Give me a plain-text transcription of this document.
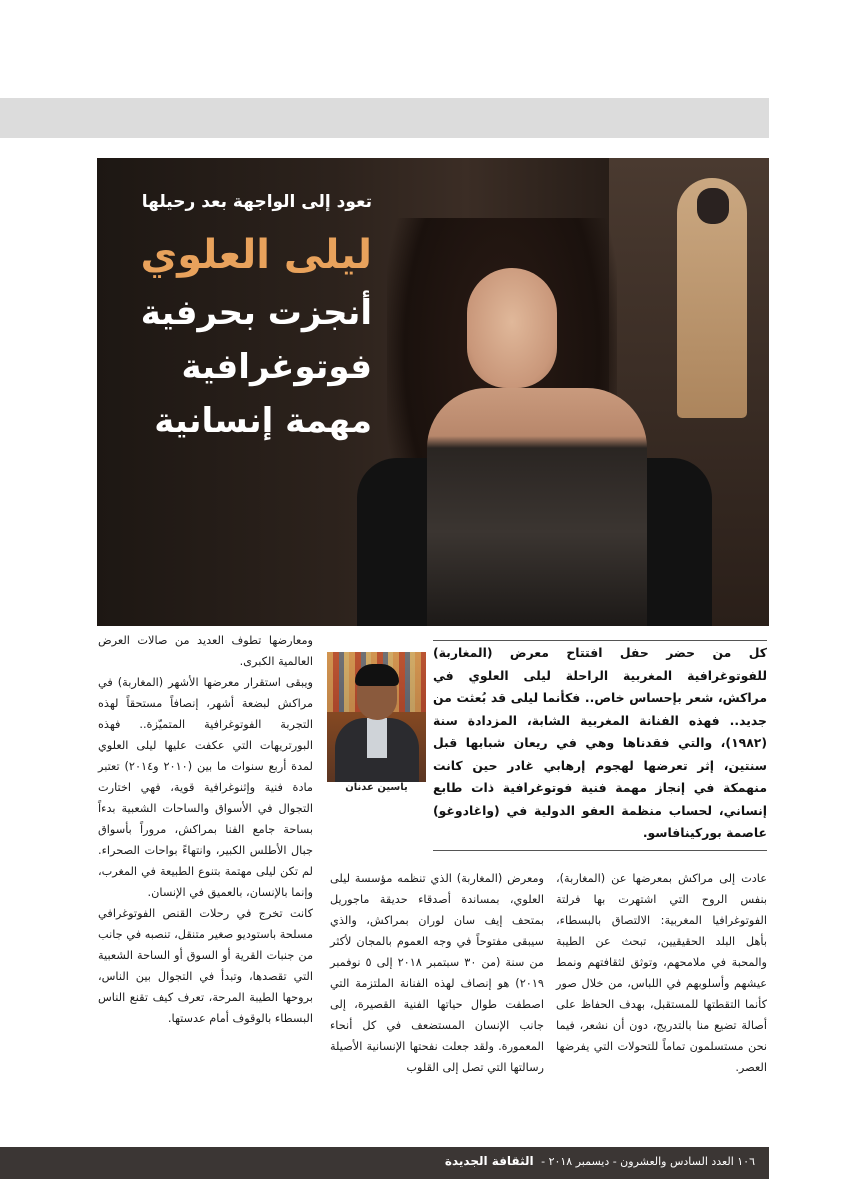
تعود إلى الواجهة بعد رحيلها
ليلى العلوي
أنجزت بحرفية
فوتوغرافية
مهمة إنسانية
كل من حضر حفل افتتاح معرض (المغاربة) للفوتوغرافية المغربية الراحلة ليلى العلوي في مراكش، شعر بإحساس خاص.. فكأنما ليلى قد بُعثت من جديد.. فهذه الفنانة المغربية الشابة، المزدادة سنة (١٩٨٢)، والتي فقدناها وهي في ريعان شبابها قبل سنتين، إثر تعرضها لهجوم إرهابي غادر حين كانت منهمكة في إنجاز مهمة فنية فوتوغرافية ذات طابع إنساني، لحساب منظمة العفو الدولية في (واغادوغو) عاصمة بوركينافاسو.
ياسين عدنان

ومعارضها تطوف العديد من صالات العرض العالمية الكبرى.

ويبقى استقرار معرضها الأشهر (المغاربة) في مراكش لبضعة أشهر، إنصافاً مستحقاً لهذه التجربة الفوتوغرافية المتميّزة.. فهذه البورتريهات التي عكفت عليها ليلى العلوي لمدة أربع سنوات ما بين (٢٠١٠ و٢٠١٤) تعتبر مادة فنية وإثنوغرافية قوية، فهي اختارت التجوال في الأسواق والساحات الشعبية بدءاً بساحة جامع الفنا بمراكش، مروراً بأسواق جبال الأطلس الكبير، وانتهاءً بواحات الصحراء. لم تكن ليلى مهتمة بتنوع الطبيعة في المغرب، وإنما بالإنسان، بالعميق في الإنسان.

كانت تخرج في رحلات القنص الفوتوغرافي مسلحة باستوديو صغير متنقل، تنصبه في جانب من جنبات القرية أو السوق أو الساحة الشعبية التي تقصدها، وتبدأ في التجوال بين الناس، بروحها الطيبة المرحة، تعرف كيف تقنع الناس البسطاء بالوقوف أمام عدستها.

ومعرض (المغاربة) الذي تنظمه مؤسسة ليلى العلوي، بمساندة أصدقاء حديقة ماجوريل بمتحف إيف سان لوران بمراكش، والذي سيبقى مفتوحاً في وجه العموم بالمجان لأكثر من سنة (من ٣٠ سبتمبر ٢٠١٨ إلى ٥ نوفمبر ٢٠١٩) هو إنصاف لهذه الفنانة الملتزمة التي اصطفت طوال حياتها الفنية القصيرة، إلى جانب الإنسان المستضعف في كل أنحاء المعمورة. ولقد جعلت نفحتها الإنسانية الأصيلة رسالتها التي تصل إلى القلوب

عادت إلى مراكش بمعرضها عن (المغاربة)، بنفس الروح التي اشتهرت بها فرلتة الفوتوغرافيا المغربية: الالتصاق بالبسطاء، بأهل البلد الحقيقيين، تبحث عن الطيبة والمحبة في ملامحهم، وتوثق لثقافتهم ونمط عيشهم وأسلوبهم في اللباس، من خلال صور كأنما التقطتها للمستقبل، بهدف الحفاظ على أصالة تضيع منا بالتدريج، دون أن نشعر، فيما نحن مستسلمون تماماً للتحولات التي يفرضها العصر.

١٠٦ العدد السادس والعشرون - ديسمبر ٢٠١٨ - الثقافة الجديدة
